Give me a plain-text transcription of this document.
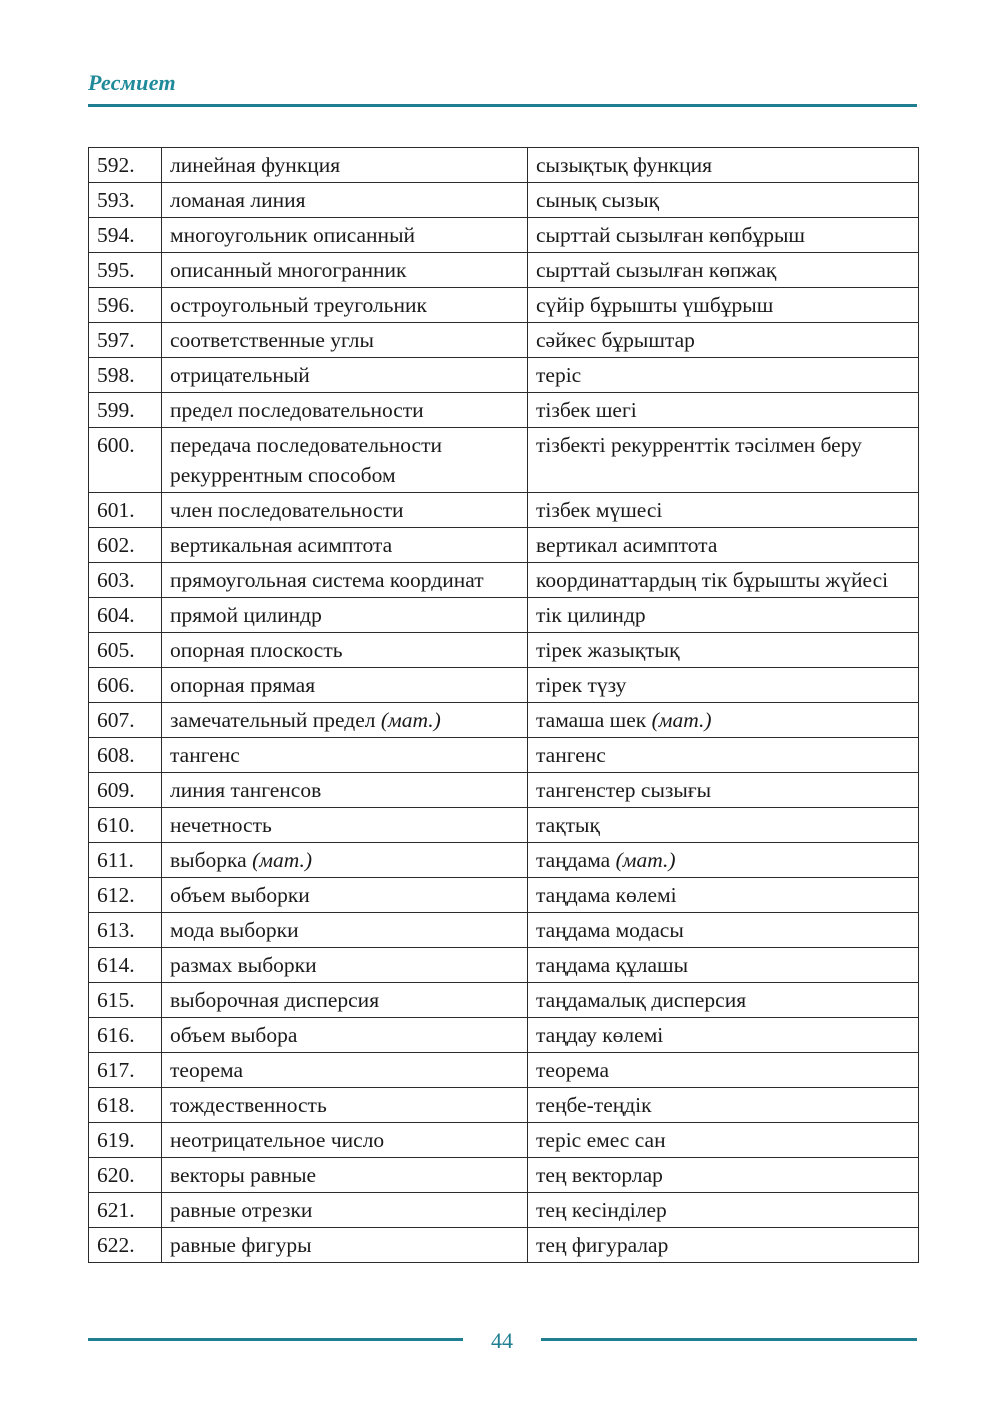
Ресмиет
592.	линейная функция	сызықтық функция
593.	ломаная линия	сынық сызық
594.	многоугольник описанный	сырттай сызылған көпбұрыш
595.	описанный многогранник	сырттай сызылған көпжақ
596.	остроугольный треугольник	сүйір бұрышты үшбұрыш
597.	соответственные углы	сәйкес бұрыштар
598.	отрицательный	теріс
599.	предел последовательности	тізбек шегі
600.	передача последовательности рекуррентным способом	тізбекті рекурренттік тәсілмен беру
601.	член последовательности	тізбек мүшесі
602.	вертикальная асимптота	вертикал асимптота
603.	прямоугольная система координат	координаттардың тік бұрышты жүйесі
604.	прямой цилиндр	тік цилиндр
605.	опорная плоскость	тірек жазықтық
606.	опорная прямая	тірек түзу
607.	замечательный предел (мат.)	тамаша шек (мат.)
608.	тангенс	тангенс
609.	линия тангенсов	тангенстер сызығы
610.	нечетность	тақтық
611.	выборка (мат.)	таңдама (мат.)
612.	объем выборки	таңдама көлемі
613.	мода выборки	таңдама модасы
614.	размах выборки	таңдама құлашы
615.	выборочная дисперсия	таңдамалық дисперсия
616.	объем выбора	таңдау көлемі
617.	теорема	теорема
618.	тождественность	теңбе-теңдік
619.	неотрицательное число	теріс емес сан
620.	векторы равные	тең векторлар
621.	равные отрезки	тең кесінділер
622.	равные фигуры	тең фигуралар
44
